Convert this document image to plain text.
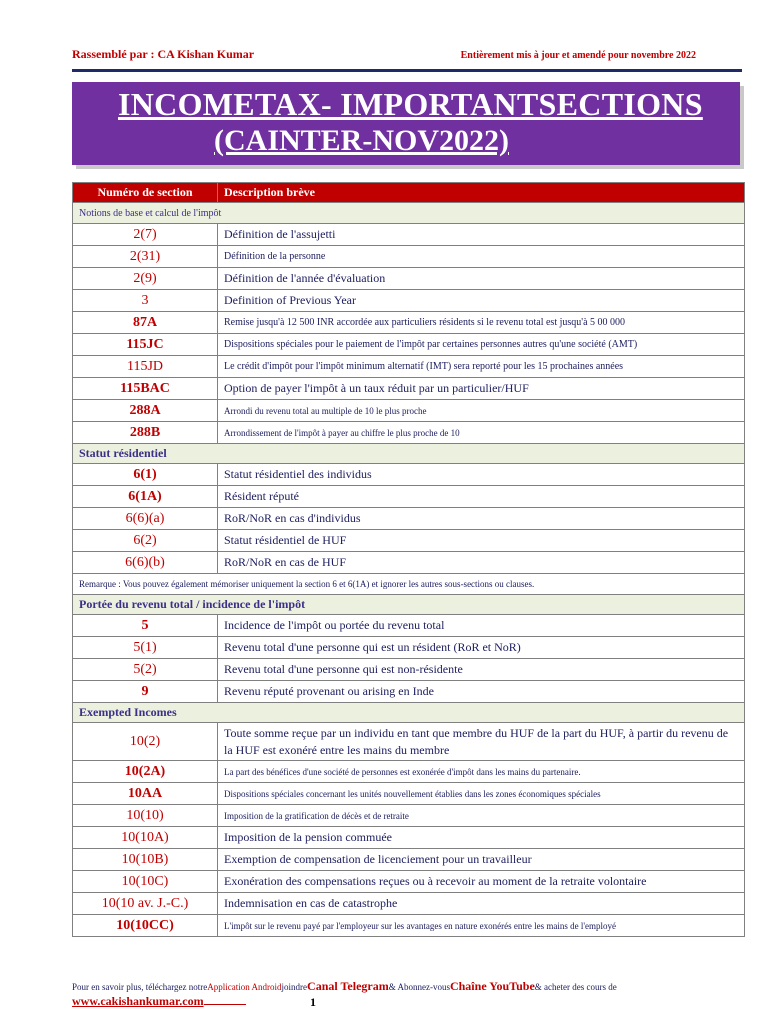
Rassemblé par : CA Kishan Kumar	Entièrement mis à jour et amendé pour novembre 2022
INCOMETAX- IMPORTANTSECTIONS
(CAINTER-NOV2022)
Numéro de section	Description brève
Notions de base et calcul de l'impôt	
2(7)	Définition de l'assujetti
2(31)	Définition de la personne
2(9)	Définition de l'année d'évaluation
3	Definition of Previous Year
87A	Remise jusqu'à 12 500 INR accordée aux particuliers résidents si le revenu total est jusqu'à 5 00 000
115JC	Dispositions spéciales pour le paiement de l'impôt par certaines personnes autres qu'une société (AMT)
115JD	Le crédit d'impôt pour l'impôt minimum alternatif (IMT) sera reporté pour les 15 prochaines années
115BAC	Option de payer l'impôt à un taux réduit par un particulier/HUF
288A	Arrondi du revenu total au multiple de 10 le plus proche
288B	Arrondissement de l'impôt à payer au chiffre le plus proche de 10
Statut résidentiel	
6(1)	Statut résidentiel des individus
6(1A)	Résident réputé
6(6)(a)	RoR/NoR en cas d'individus
6(2)	Statut résidentiel de HUF
6(6)(b)	RoR/NoR en cas de HUF
Remarque : Vous pouvez également mémoriser uniquement la section 6 et 6(1A) et ignorer les autres sous-sections ou clauses.	
Portée du revenu total / incidence de l'impôt	
5	Incidence de l'impôt ou portée du revenu total
5(1)	Revenu total d'une personne qui est un résident (RoR et NoR)
5(2)	Revenu total d'une personne qui est non-résidente
9	Revenu réputé provenant ou arising en Inde
Exempted Incomes	
10(2)	Toute somme reçue par un individu en tant que membre du HUF de la part du HUF, à partir du revenu de la HUF est exonéré entre les mains du membre
10(2A)	La part des bénéfices d'une société de personnes est exonérée d'impôt dans les mains du partenaire.
10AA	Dispositions spéciales concernant les unités nouvellement établies dans les zones économiques spéciales
10(10)	Imposition de la gratification de décès et de retraite
10(10A)	Imposition de la pension commuée
10(10B)	Exemption de compensation de licenciement pour un travailleur
10(10C)	Exonération des compensations reçues ou à recevoir au moment de la retraite volontaire
10(10 av. J.-C.)	Indemnisation en cas de catastrophe
10(10CC)	L'impôt sur le revenu payé par l'employeur sur les avantages en nature exonérés entre les mains de l'employé
Pour en savoir plus, téléchargez notreApplication AndroidjoindreCanal Telegram& Abonnez-vousChaîne YouTube& acheter des cours de
www.cakishankumar.com	1
